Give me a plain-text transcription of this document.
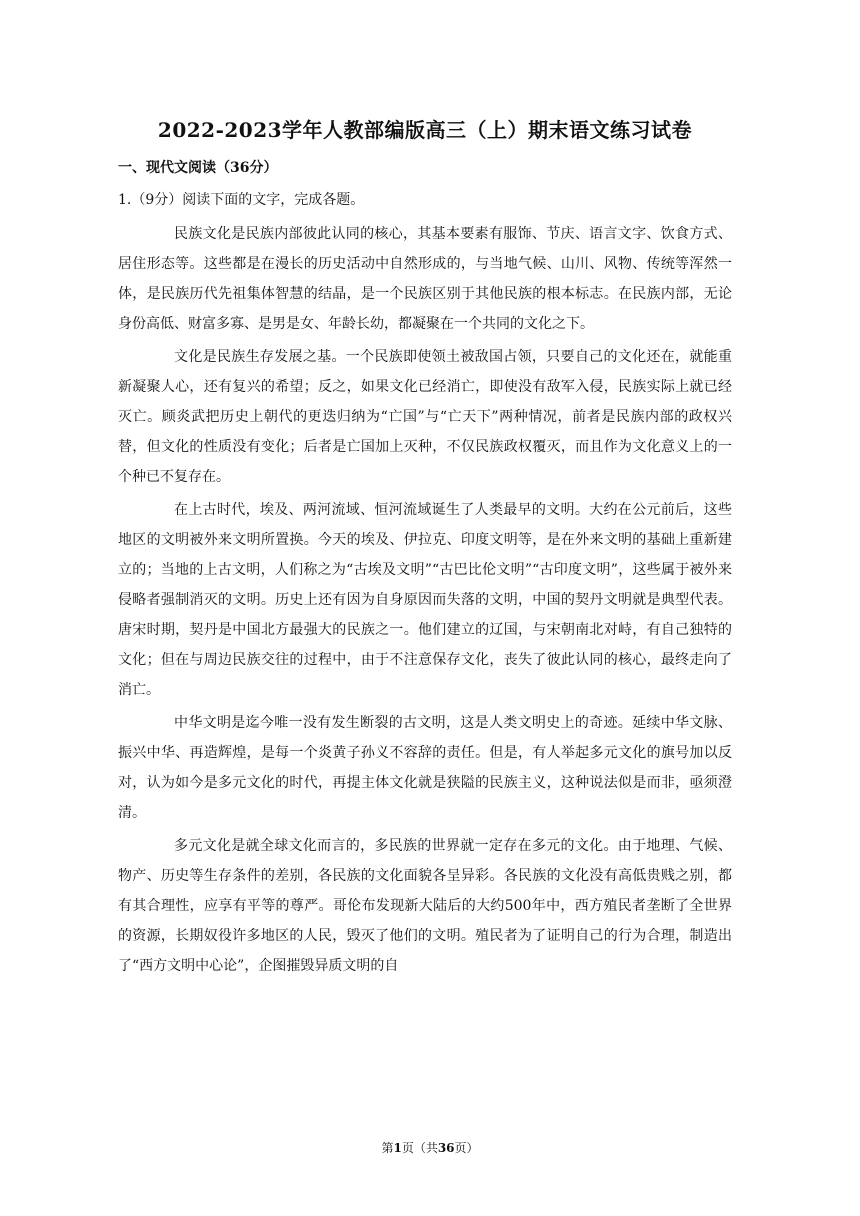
2022-2023学年人教部编版高三（上）期末语文练习试卷
一、现代文阅读（36分）
1.（9分）阅读下面的文字，完成各题。

民族文化是民族内部彼此认同的核心，其基本要素有服饰、节庆、语言文字、饮食方式、居住形态等。这些都是在漫长的历史活动中自然形成的，与当地气候、山川、风物、传统等浑然一体，是民族历代先祖集体智慧的结晶，是一个民族区别于其他民族的根本标志。在民族内部，无论身份高低、财富多寡、是男是女、年龄长幼，都凝聚在一个共同的文化之下。

文化是民族生存发展之基。一个民族即使领土被敌国占领，只要自己的文化还在，就能重新凝聚人心，还有复兴的希望；反之，如果文化已经消亡，即使没有敌军入侵，民族实际上就已经灭亡。顾炎武把历史上朝代的更迭归纳为“亡国”与“亡天下”两种情况，前者是民族内部的政权兴替，但文化的性质没有变化；后者是亡国加上灭种，不仅民族政权覆灭，而且作为文化意义上的一个种已不复存在。

在上古时代，埃及、两河流域、恒河流域诞生了人类最早的文明。大约在公元前后，这些地区的文明被外来文明所置换。今天的埃及、伊拉克、印度文明等，是在外来文明的基础上重新建立的；当地的上古文明，人们称之为“古埃及文明”“古巴比伦文明”“古印度文明”，这些属于被外来侵略者强制消灭的文明。历史上还有因为自身原因而失落的文明，中国的契丹文明就是典型代表。唐宋时期，契丹是中国北方最强大的民族之一。他们建立的辽国，与宋朝南北对峙，有自己独特的文化；但在与周边民族交往的过程中，由于不注意保存文化，丧失了彼此认同的核心，最终走向了消亡。

中华文明是迄今唯一没有发生断裂的古文明，这是人类文明史上的奇迹。延续中华文脉、振兴中华、再造辉煌，是每一个炎黄子孙义不容辞的责任。但是，有人举起多元文化的旗号加以反对，认为如今是多元文化的时代，再提主体文化就是狭隘的民族主义，这种说法似是而非，亟须澄清。

多元文化是就全球文化而言的，多民族的世界就一定存在多元的文化。由于地理、气候、物产、历史等生存条件的差别，各民族的文化面貌各呈异彩。各民族的文化没有高低贵贱之别，都有其合理性，应享有平等的尊严。哥伦布发现新大陆后的大约500年中，西方殖民者垄断了全世界的资源，长期奴役许多地区的人民，毁灭了他们的文明。殖民者为了证明自己的行为合理，制造出了“西方文明中心论”，企图摧毁异质文明的自

第1页（共36页）
